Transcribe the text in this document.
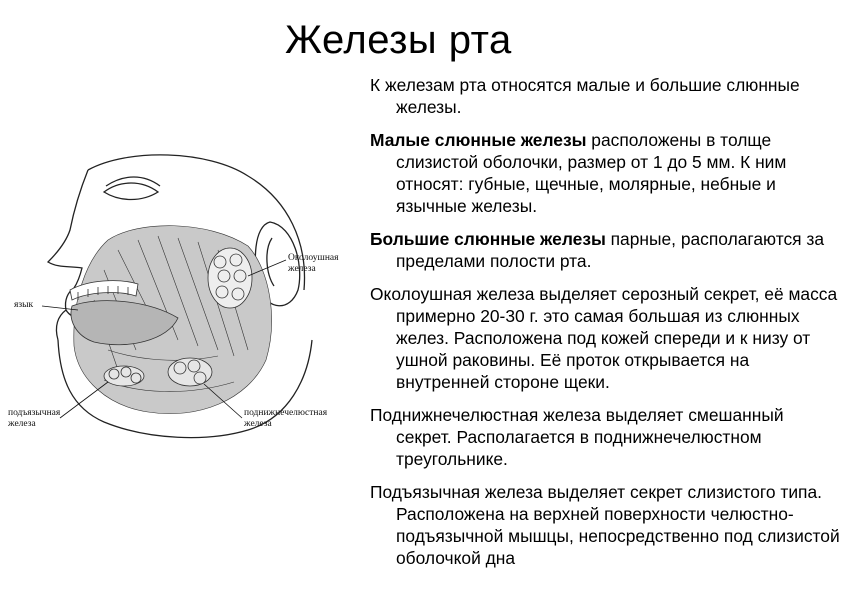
Железы рта

К железам рта относятся малые и большие слюнные железы.

Малые слюнные железы расположены в толще слизистой оболочки, размер от 1 до 5 мм. К ним относят: губные, щечные, молярные, небные и язычные железы.

Большие слюнные железы парные, располагаются за пределами полости рта.

Околоушная железа выделяет серозный секрет, её масса примерно 20-30 г. это самая большая из слюнных желез. Расположена под кожей спереди и к низу от ушной раковины. Её проток открывается на внутренней стороне щеки.

Поднижнечелюстная железа выделяет смешанный секрет. Располагается в поднижнечелюстном треугольнике.

Подъязычная железа выделяет секрет слизистого типа. Расположена на верхней поверхности челюстно-подъязычной мышцы, непосредственно под слизистой оболочкой дна

Околоушная железа
язык
подъязычная железа
поднижнечелюстная железа
